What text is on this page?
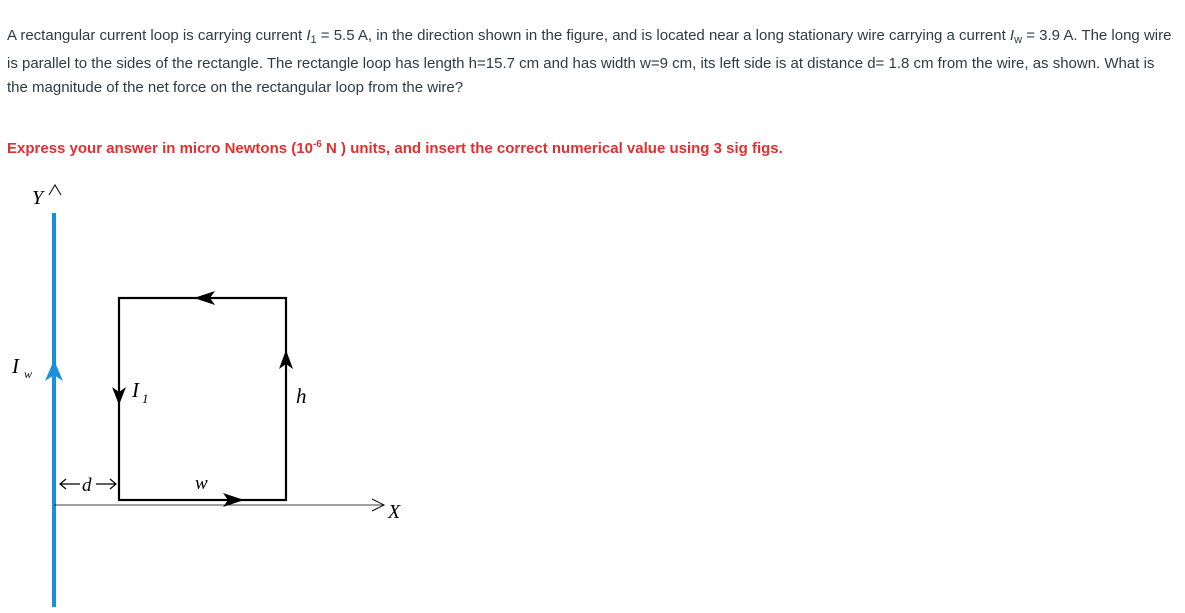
A rectangular current loop is carrying current $I_1 = 5.5$ A, in the direction shown in the figure, and is located near a long stationary wire carrying a current $I_w = 3.9$ A. The long wire is parallel to the sides of the rectangle. The rectangle loop has length h=15.7 cm and has width w=9 cm, its left side is at distance d= 1.8 cm from the wire, as shown. What is the magnitude of the net force on the rectangular loop from the wire?
Express your answer in micro Newtons ($10^{-6}$ N ) units, and insert the correct numerical value using 3 sig figs.
Y
X
I w
I 1	h
w
d
